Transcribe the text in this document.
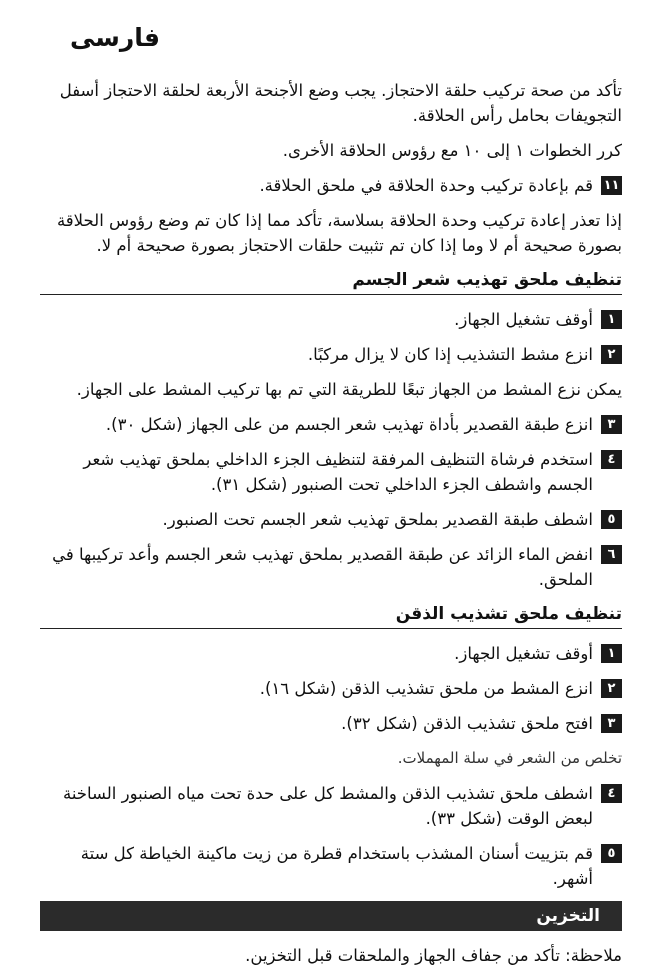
فارسی

تأکد من صحة ترکیب حلقة الاحتجاز. یجب وضع الأجنحة الأربعة لحلقة الاحتجاز أسفل التجویفات بحامل رأس الحلاقة.

کرر الخطوات ١ إلى ١٠ مع رؤوس الحلاقة الأخرى.

١١
قم بإعادة ترکیب وحدة الحلاقة في ملحق الحلاقة.

إذا تعذر إعادة ترکیب وحدة الحلاقة بسلاسة، تأکد مما إذا کان تم وضع رؤوس الحلاقة بصورة صحیحة أم لا وما إذا کان تم تثبیت حلقات الاحتجاز بصورة صحیحة أم لا.

تنظیف ملحق تهذیب شعر الجسم
١
أوقف تشغیل الجهاز.
٢
انزع مشط التشذیب إذا کان لا یزال مرکبًا.

یمکن نزع المشط من الجهاز تبعًا للطریقة التي تم بها ترکیب المشط على الجهاز.

٣
انزع طبقة القصدیر بأداة تهذیب شعر الجسم من على الجهاز (شکل ٣٠).
٤
استخدم فرشاة التنظیف المرفقة لتنظیف الجزء الداخلي بملحق تهذیب شعر الجسم واشطف الجزء الداخلي تحت الصنبور (شکل ٣١).
٥
اشطف طبقة القصدیر بملحق تهذیب شعر الجسم تحت الصنبور.
٦
انفض الماء الزائد عن طبقة القصدیر بملحق تهذیب شعر الجسم وأعد ترکیبها في الملحق.
تنظیف ملحق تشذیب الذقن
١
أوقف تشغیل الجهاز.
٢
انزع المشط من ملحق تشذیب الذقن (شکل ١٦).
٣
افتح ملحق تشذیب الذقن (شکل ٣٢).

تخلص من الشعر في سلة المهملات.

٤
اشطف ملحق تشذیب الذقن والمشط کل على حدة تحت میاه الصنبور الساخنة لبعض الوقت (شکل ٣٣).
٥
قم بتزییت أسنان المشذب باستخدام قطرة من زیت ماکینة الخیاطة کل ستة أشهر.
التخزین

ملاحظة: تأکد من جفاف الجهاز والملحقات قبل التخزین.
